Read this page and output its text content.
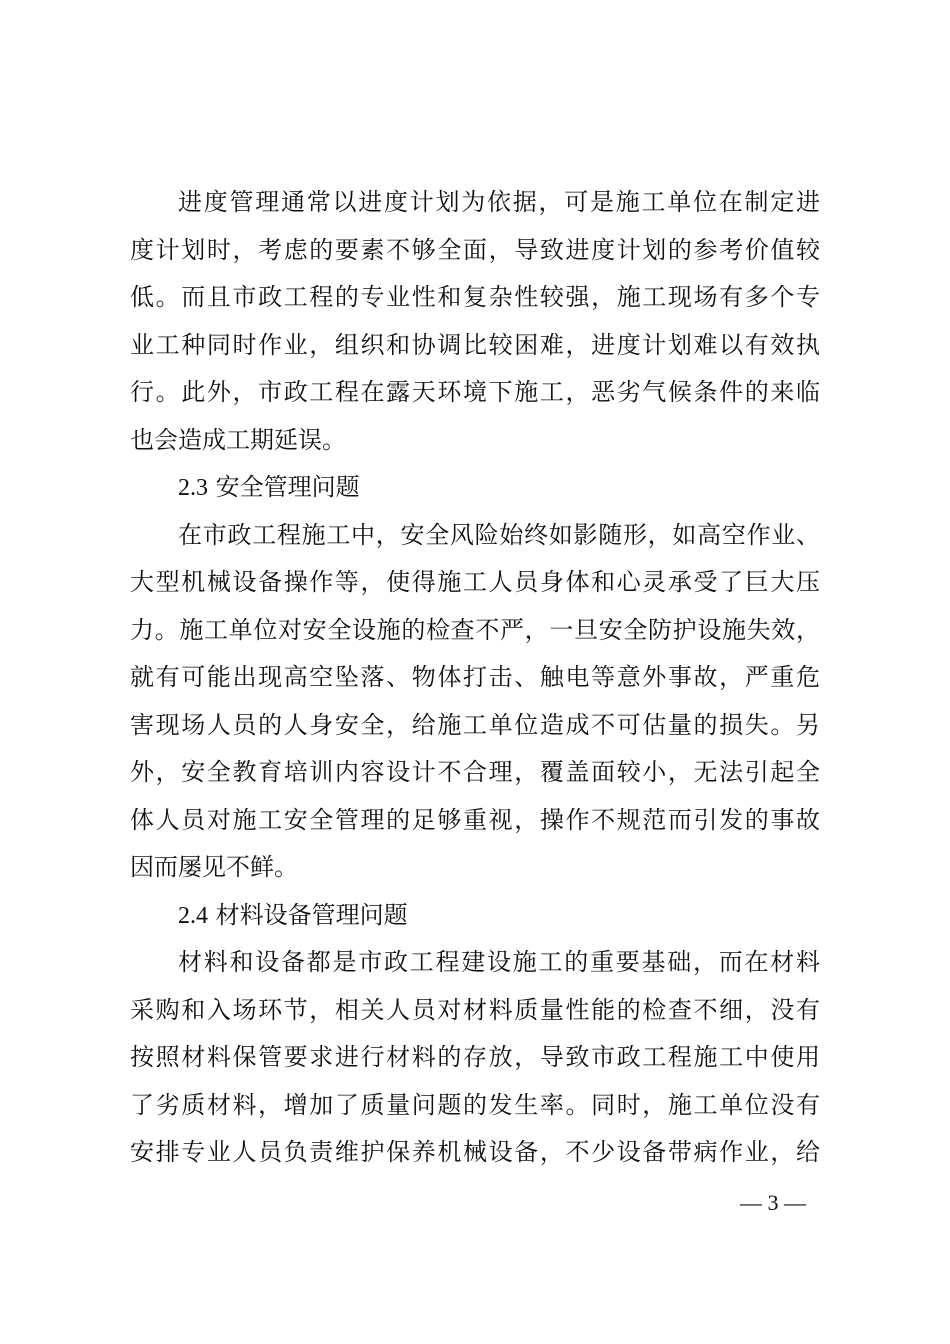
进度管理通常以进度计划为依据，可是施工单位在制定进
度计划时，考虑的要素不够全面，导致进度计划的参考价值较
低。而且市政工程的专业性和复杂性较强，施工现场有多个专
业工种同时作业，组织和协调比较困难，进度计划难以有效执
行。此外，市政工程在露天环境下施工，恶劣气候条件的来临
也会造成工期延误。
2.3 安全管理问题
在市政工程施工中，安全风险始终如影随形，如高空作业、
大型机械设备操作等，使得施工人员身体和心灵承受了巨大压
力。施工单位对安全设施的检查不严，一旦安全防护设施失效，
就有可能出现高空坠落、物体打击、触电等意外事故，严重危
害现场人员的人身安全，给施工单位造成不可估量的损失。另
外，安全教育培训内容设计不合理，覆盖面较小，无法引起全
体人员对施工安全管理的足够重视，操作不规范而引发的事故
因而屡见不鲜。
2.4 材料设备管理问题
材料和设备都是市政工程建设施工的重要基础，而在材料
采购和入场环节，相关人员对材料质量性能的检查不细，没有
按照材料保管要求进行材料的存放，导致市政工程施工中使用
了劣质材料，增加了质量问题的发生率。同时，施工单位没有
安排专业人员负责维护保养机械设备，不少设备带病作业，给
— 3 —
